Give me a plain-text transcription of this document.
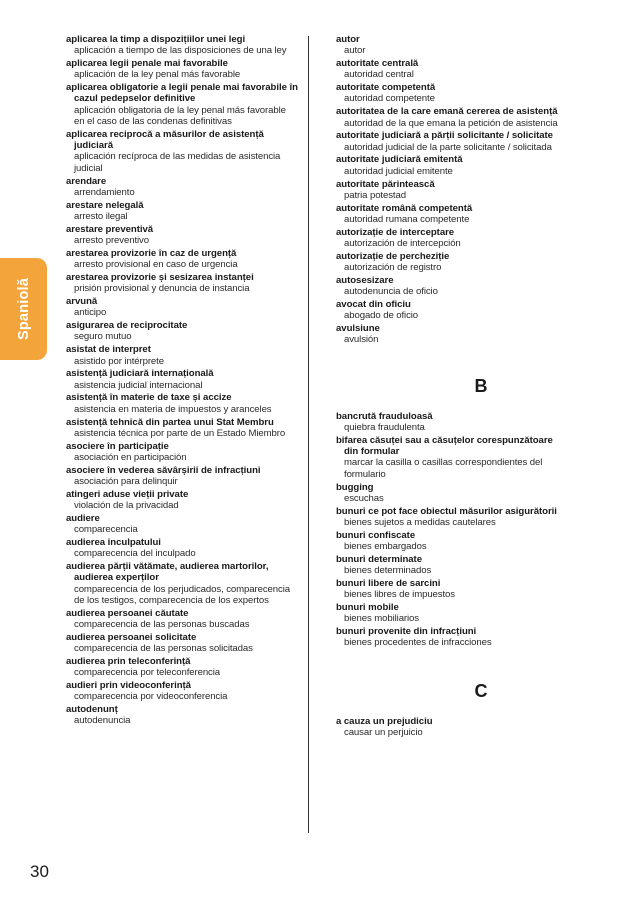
Spaniolă
aplicarea la timp a dispozițiilor unei legi
aplicación a tiempo de las disposiciones de una ley
aplicarea legii penale mai favorabile
aplicación de la ley penal más favorable
aplicarea obligatorie a legii penale mai favorabile în cazul pedepselor definitive
aplicación obligatoria de la ley penal más favorable en el caso de las condenas definitivas
aplicarea reciprocă a măsurilor de asistență judiciară
aplicación recíproca de las medidas de asistencia judicial
arendare
arrendamiento
arestare nelegală
arresto ilegal
arestare preventivă
arresto preventivo
arestarea provizorie în caz de urgență
arresto provisional en caso de urgencia
arestarea provizorie și sesizarea instanței
prisión provisional y denuncia de instancia
arvună
anticipo
asigurarea de reciprocitate
seguro mutuo
asistat de interpret
asistido por intérprete
asistență judiciară internațională
asistencia judicial internacional
asistență în materie de taxe și accize
asistencia en materia de impuestos y aranceles
asistență tehnică din partea unui Stat Membru
asistencia técnica por parte de un Estado Miembro
asociere în participație
asociación en participación
asociere în vederea săvârșirii de infracțiuni
asociación para delinquir
atingeri aduse vieții private
violación de la privacidad
audiere
comparecencia
audierea inculpatului
comparecencia del inculpado
audierea părții vătămate, audierea martorilor, audierea experților
comparecencia de los perjudicados, comparecencia de los testigos, comparecencia de los expertos
audierea persoanei căutate
comparecencia de las personas buscadas
audierea persoanei solicitate
comparecencia de las personas solicitadas
audierea prin teleconferință
comparecencia por teleconferencia
audieri prin videoconferință
comparecencia por videoconferencia
autodenunț
autodenuncia
autor
autor
autoritate centrală
autoridad central
autoritate competentă
autoridad competente
autoritatea de la care emană cererea de asistență
autoridad de la que emana la petición de asistencia
autoritate judiciară a părții solicitante / solicitate
autoridad judicial de la parte solicitante / solicitada
autoritate judiciară emitentă
autoridad judicial emitente
autoritate părintească
patria potestad
autoritate română competentă
autoridad rumana competente
autorizație de interceptare
autorización de intercepción
autorizație de percheziție
autorización de registro
autosesizare
autodenuncia de oficio
avocat din oficiu
abogado de oficio
avulsiune
avulsión
B
bancrută frauduloasă
quiebra fraudulenta
bifarea căsuței sau a căsuțelor corespunzătoare din formular
marcar la casilla o casillas correspondientes del formulario
bugging
escuchas
bunuri ce pot face obiectul măsurilor asigurătorii
bienes sujetos a medidas cautelares
bunuri confiscate
bienes embargados
bunuri determinate
bienes determinados
bunuri libere de sarcini
bienes libres de impuestos
bunuri mobile
bienes mobiliarios
bunuri provenite din infracțiuni
bienes procedentes de infracciones
C
a cauza un prejudiciu
causar un perjuicio
30
